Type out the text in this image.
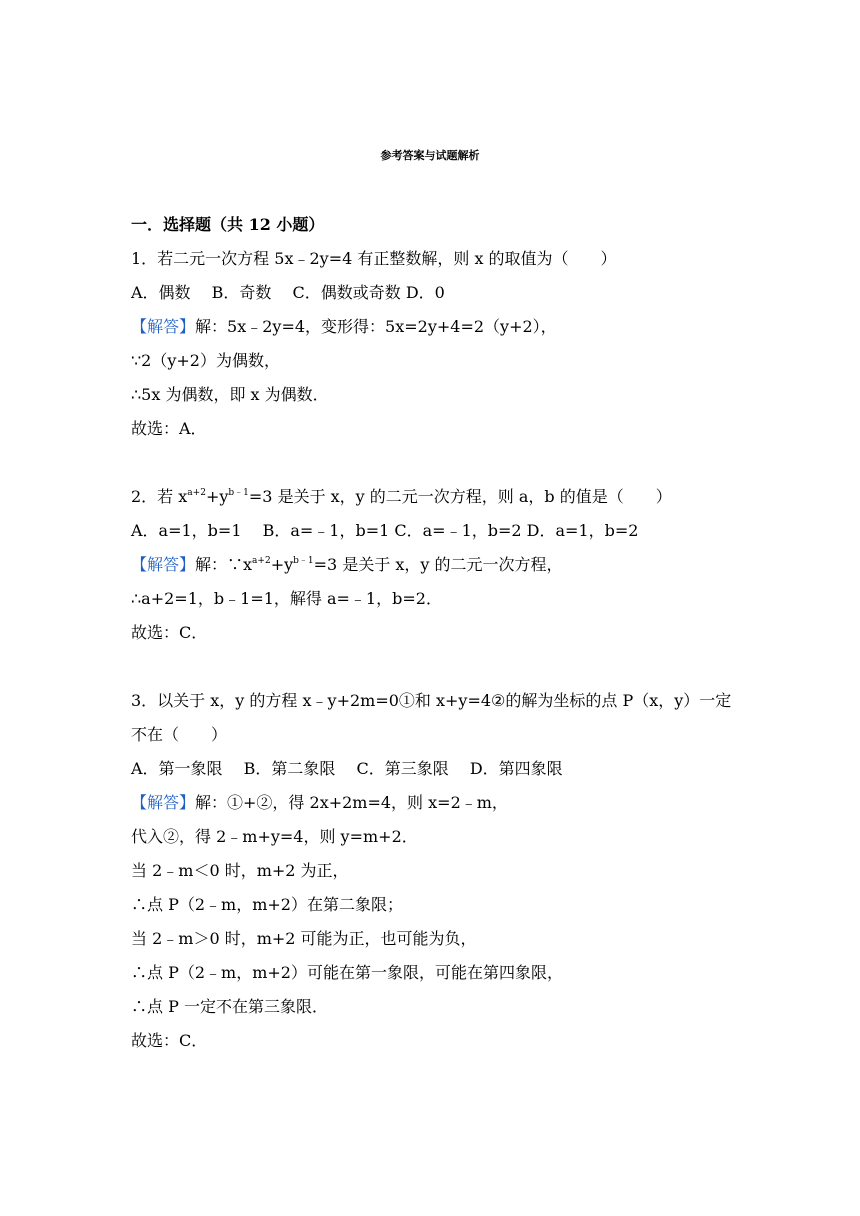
参考答案与试题解析
一．选择题（共 12 小题）
1．若二元一次方程 5x﹣2y=4 有正整数解，则 x 的取值为（　　）
A．偶数　 B．奇数　 C．偶数或奇数 D．0
【解答】解：5x﹣2y=4，变形得：5x=2y+4=2（y+2），
∵2（y+2）为偶数，
∴5x 为偶数，即 x 为偶数．
故选：A．
2．若 $x^{a+2}+y^{b﹣1}=3$ 是关于 x，y 的二元一次方程，则 a，b 的值是（　　）
A．a=1，b=1　 B．a=﹣1，b=1 C．a=﹣1，b=2 D．a=1，b=2
【解答】解：$\because x^{a+2}+y^{b﹣1}=3$ 是关于 x，y 的二元一次方程，
∴a+2=1，b﹣1=1，解得 a=﹣1，b=2．
故选：C．
3．以关于 x，y 的方程 x﹣y+2m=0①和 x+y=4②的解为坐标的点 P（x，y）一定
不在（　　）
A．第一象限　 B．第二象限　 C．第三象限　 D．第四象限
【解答】解：①+②，得 2x+2m=4，则 x=2﹣m，
代入②，得 2﹣m+y=4，则 y=m+2．
当 2﹣m＜0 时，m+2 为正，
∴点 P（2﹣m，m+2）在第二象限；
当 2﹣m＞0 时，m+2 可能为正，也可能为负，
∴点 P（2﹣m，m+2）可能在第一象限，可能在第四象限，
∴点 P 一定不在第三象限．
故选：C．
